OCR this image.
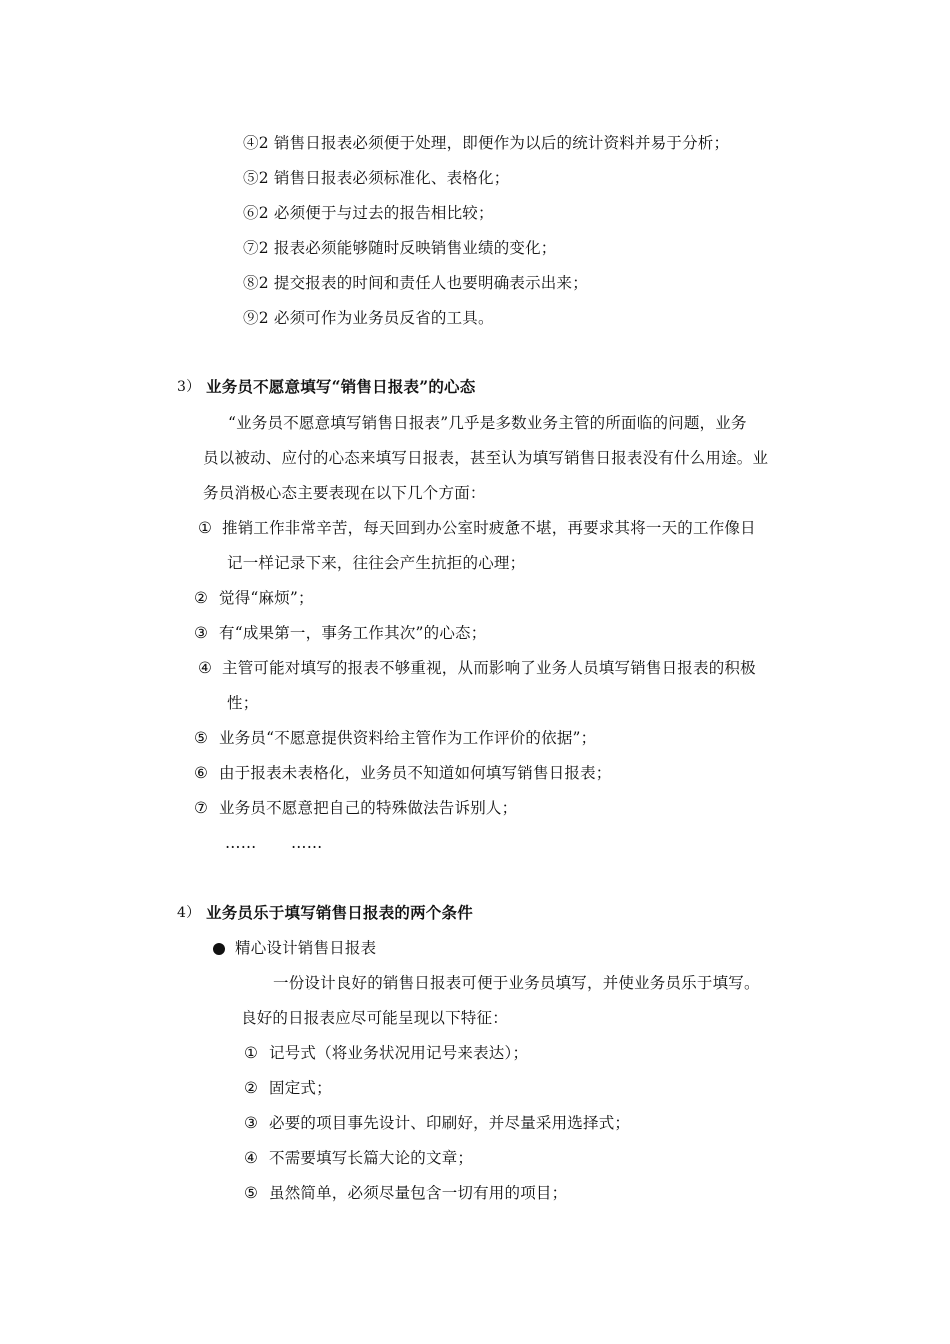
④2 销售日报表必须便于处理，即便作为以后的统计资料并易于分析；
⑤2 销售日报表必须标准化、表格化；
⑥2 必须便于与过去的报告相比较；
⑦2 报表必须能够随时反映销售业绩的变化；
⑧2 提交报表的时间和责任人也要明确表示出来；
⑨2 必须可作为业务员反省的工具。
3） 业务员不愿意填写“销售日报表”的心态
“业务员不愿意填写销售日报表”几乎是多数业务主管的所面临的问题，业务
员以被动、应付的心态来填写日报表，甚至认为填写销售日报表没有什么用途。业
务员消极心态主要表现在以下几个方面：
① 推销工作非常辛苦，每天回到办公室时疲惫不堪，再要求其将一天的工作像日
记一样记录下来，往往会产生抗拒的心理；
② 觉得“麻烦”；
③ 有“成果第一，事务工作其次”的心态；
④ 主管可能对填写的报表不够重视，从而影响了业务人员填写销售日报表的积极
性；
⑤ 业务员“不愿意提供资料给主管作为工作评价的依据”；
⑥ 由于报表未表格化，业务员不知道如何填写销售日报表；
⑦ 业务员不愿意把自己的特殊做法告诉别人；
…… ……
4） 业务员乐于填写销售日报表的两个条件
精心设计销售日报表
一份设计良好的销售日报表可便于业务员填写，并使业务员乐于填写。
良好的日报表应尽可能呈现以下特征：
① 记号式（将业务状况用记号来表达）；
② 固定式；
③ 必要的项目事先设计、印刷好，并尽量采用选择式；
④ 不需要填写长篇大论的文章；
⑤ 虽然简单，必须尽量包含一切有用的项目；
